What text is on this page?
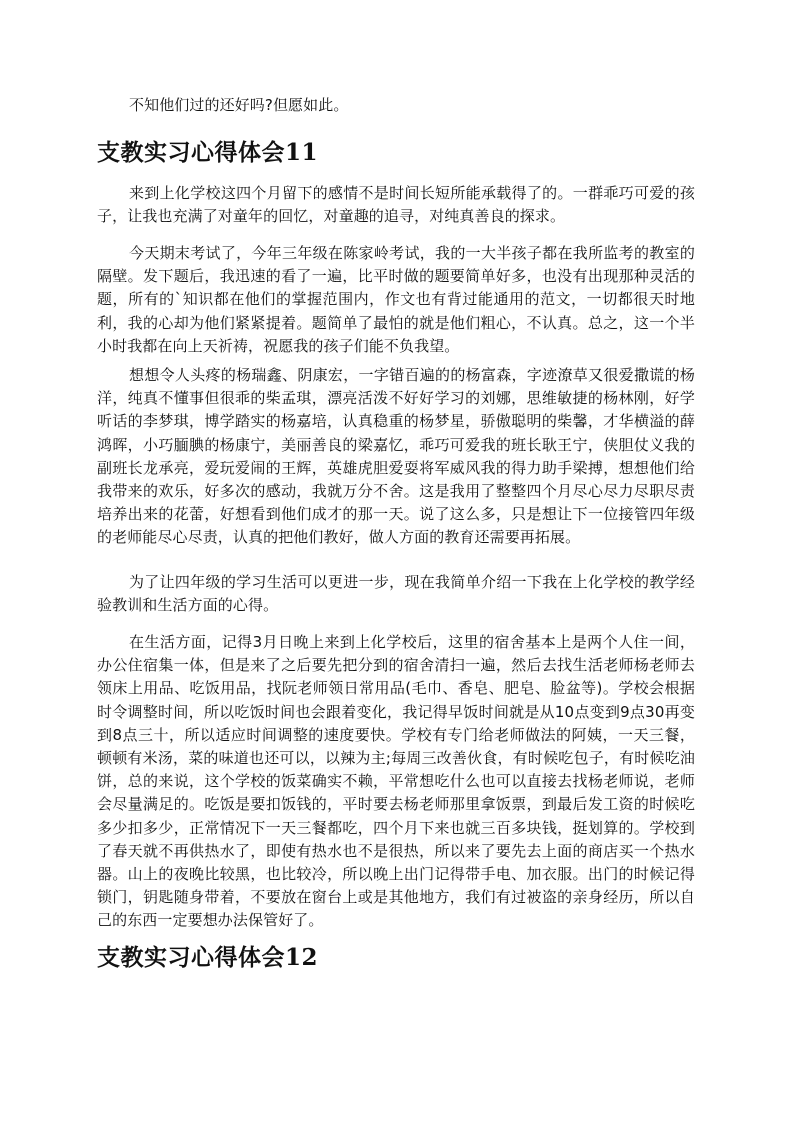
不知他们过的还好吗?但愿如此。

支教实习心得体会11

来到上化学校这四个月留下的感情不是时间长短所能承载得了的。一群乖巧可爱的孩子，让我也充满了对童年的回忆，对童趣的追寻，对纯真善良的探求。

今天期末考试了，今年三年级在陈家岭考试，我的一大半孩子都在我所监考的教室的隔壁。发下题后，我迅速的看了一遍，比平时做的题要简单好多，也没有出现那种灵活的题，所有的`知识都在他们的掌握范围内，作文也有背过能通用的范文，一切都很天时地利，我的心却为他们紧紧提着。题简单了最怕的就是他们粗心，不认真。总之，这一个半小时我都在向上天祈祷，祝愿我的孩子们能不负我望。

想想令人头疼的杨瑞鑫、阴康宏，一字错百遍的的杨富森，字迹潦草又很爱撒谎的杨洋，纯真不懂事但很乖的柴孟琪，漂亮活泼不好好学习的刘娜，思维敏捷的杨林刚，好学听话的李梦琪，博学踏实的杨嘉培，认真稳重的杨梦星，骄傲聪明的柴馨，才华横溢的薛鸿晖，小巧腼腆的杨康宁，美丽善良的梁嘉忆，乖巧可爱我的班长耿王宁，侠胆仗义我的副班长龙承亮，爱玩爱闹的王辉，英雄虎胆爱耍将军威风我的得力助手梁搏，想想他们给我带来的欢乐，好多次的感动，我就万分不舍。这是我用了整整四个月尽心尽力尽职尽责培养出来的花蕾，好想看到他们成才的那一天。说了这么多，只是想让下一位接管四年级的老师能尽心尽责，认真的把他们教好，做人方面的教育还需要再拓展。

为了让四年级的学习生活可以更进一步，现在我简单介绍一下我在上化学校的教学经验教训和生活方面的心得。

在生活方面，记得3月日晚上来到上化学校后，这里的宿舍基本上是两个人住一间，办公住宿集一体，但是来了之后要先把分到的宿舍清扫一遍，然后去找生活老师杨老师去领床上用品、吃饭用品，找阮老师领日常用品(毛巾、香皂、肥皂、脸盆等)。学校会根据时令调整时间，所以吃饭时间也会跟着变化，我记得早饭时间就是从10点变到9点30再变到8点三十，所以适应时间调整的速度要快。学校有专门给老师做法的阿姨，一天三餐，顿顿有米汤，菜的味道也还可以，以辣为主;每周三改善伙食，有时候吃包子，有时候吃油饼，总的来说，这个学校的饭菜确实不赖，平常想吃什么也可以直接去找杨老师说，老师会尽量满足的。吃饭是要扣饭钱的，平时要去杨老师那里拿饭票，到最后发工资的时候吃多少扣多少，正常情况下一天三餐都吃，四个月下来也就三百多块钱，挺划算的。学校到了春天就不再供热水了，即使有热水也不是很热，所以来了要先去上面的商店买一个热水器。山上的夜晚比较黑，也比较冷，所以晚上出门记得带手电、加衣服。出门的时候记得锁门，钥匙随身带着，不要放在窗台上或是其他地方，我们有过被盗的亲身经历，所以自己的东西一定要想办法保管好了。

支教实习心得体会12
